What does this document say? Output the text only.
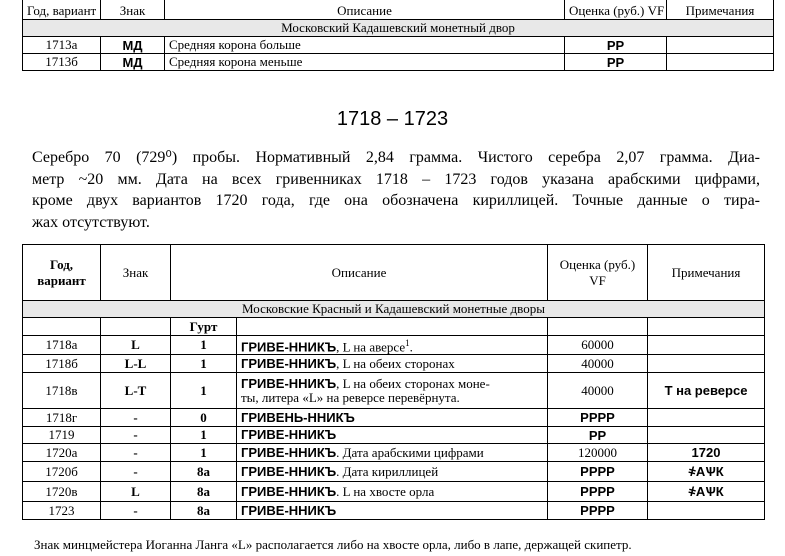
Год, вариант	Знак	Описание	Оценка (руб.) VF	Примечания
Московский Кадашевский монетный двор				
1713а	МД	Средняя корона больше	РР	
1713б	МД	Средняя корона меньше	РР	
1718 – 1723
Серебро 70 (729⁰) пробы. Нормативный 2,84 грамма. Чистого серебра 2,07 грамма. Диа-
метр ~20 мм. Дата на всех гривенниках 1718 – 1723 годов указана арабскими цифрами,
кроме двух вариантов 1720 года, где она обозначена кириллицей. Точные данные о тира-
жах отсутствуют.
Год, вариант	Знак	Описание		Оценка (руб.) VF	Примечания
Московские Красный и Кадашевский монетные дворы					
		Гурт			
1718а	L	1	ГРИВЕ-ННИКЪ, L на аверсе$^1$.	60000	
1718б	L-L	1	ГРИВЕ-ННИКЪ, L на обеих сторонах	40000	
1718в	L-Т	1	ГРИВЕ-ННИКЪ, L на обеих сторонах моне-
ты, литера «L» на реверсе перевёрнута.	40000	Т на реверсе
1718г	-	0	ГРИВЕНЬ-ННИКЪ	РРРР	
1719	-	1	ГРИВЕ-ННИКЪ	РР	
1720а	-	1	ГРИВЕ-ННИКЪ. Дата арабскими цифрами	120000	1720
1720б	-	8а	ГРИВЕ-ННИКЪ. Дата кириллицей	РРРР	҂АѰК
1720в	L	8а	ГРИВЕ-ННИКЪ. L на хвосте орла	РРРР	҂АѰК
1723	-	8а	ГРИВЕ-ННИКЪ	РРРР	
Знак минцмейстера Иоганна Ланга «L» располагается либо на хвосте орла, либо в лапе, держащей скипетр.
